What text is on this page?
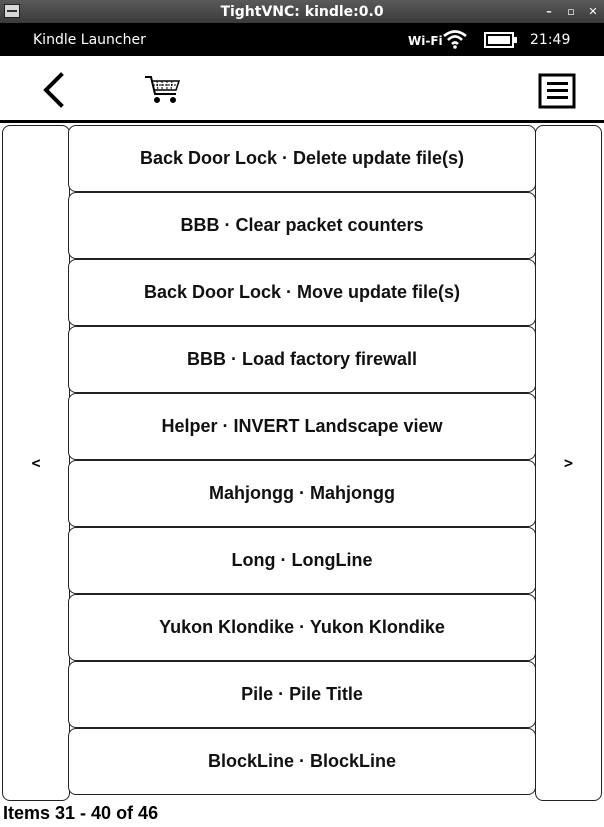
TightVNC: kindle:0.0	– ▫ ✕
Kindle Launcher	Wi-Fi	21:49
<	>
Back Door Lock · Delete update file(s)
BBB · Clear packet counters
Back Door Lock · Move update file(s)
BBB · Load factory firewall
Helper · INVERT Landscape view
Mahjongg · Mahjongg
Long · LongLine
Yukon Klondike · Yukon Klondike
Pile · Pile Title
BlockLine · BlockLine
Items 31 - 40 of 46
